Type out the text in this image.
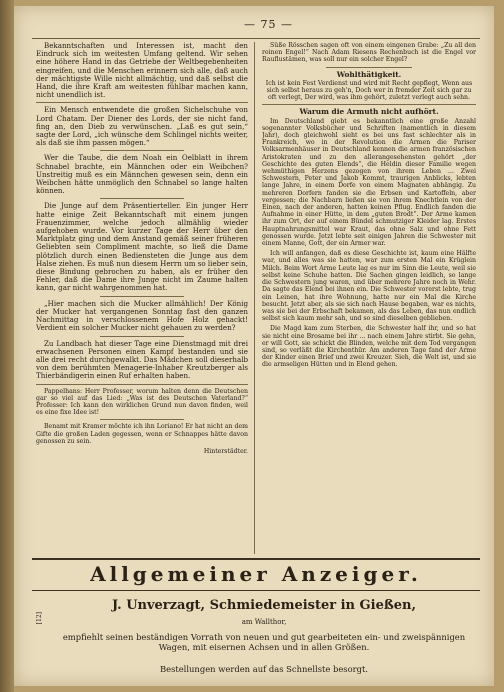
— 75 —

Bekanntschaften und Interessen ist, macht den Eindruck sich im weitesten Umfang geltend. Wir sehen eine höhere Hand in das Getriebe der Weltbegebenheiten eingreifen, und die Menschen erinnern sich alle, daß auch der mächtigste Wille nicht allmächtig, und daß selbst die Hand, die ihre Kraft am weitesten fühlbar machen kann, nicht unendlich ist.

Ein Mensch entwendete die großen Sichelschuhe von Lord Chatam. Der Diener des Lords, der sie nicht fand, fing an, den Dieb zu verwünschen. „Laß es gut sein,“ sagte der Lord, „ich wünsche dem Schlingel nichts weiter, als daß sie ihm passen mögen.“

Wer die Taube, die dem Noah ein Oelblatt in ihrem Schnabel brachte, ein Männchen oder ein Weibchen? Unstreitig muß es ein Männchen gewesen sein, denn ein Weibchen hätte unmöglich den Schnabel so lange halten können.

Die Junge auf dem Präsentierteller. Ein junger Herr hatte einige Zeit Bekanntschaft mit einem jungen Frauenzimmer, welche jedoch allmählig wieder aufgehoben wurde. Vor kurzer Tage der Herr über den Marktplatz ging und dem Anstand gemäß seiner früheren Geliebten sein Compliment machte, so ließ die Dame plötzlich durch einen Bediensteten die Junge aus dem Halse ziehen. Es muß nun diesem Herrn um so lieber sein, diese Bindung gebrochen zu haben, als er früher den Fehler, daß die Dame ihre Junge nicht im Zaume halten kann, gar nicht wahrgenommen hat.

„Hier machen sich die Mucker allmählich! Der König der Mucker hat vergangenen Sonntag fast den ganzen Nachmittag in verschlossenem Hofe Holz gehackt! Verdient ein solcher Mucker nicht gehauen zu werden?

Zu Landbach hat dieser Tage eine Dienstmagd mit drei erwachsenen Personen einen Kampf bestanden und sie alle drei recht durchgewalkt. Das Mädchen soll dieserhalb von dem berühmten Menagerie-Inhaber Kreutzberger als Thierbändigerin einen Ruf erhalten haben.

Pappelhans: Herr Professer, worum halten denn die Deutschen gar so viel auf das Lied: „Was ist des Deutschen Vaterland?“ Professer: Ich kann den wirklichen Grund nun davon finden, weil es eine fixe Idee ist!

Benamt mit Kramer möchte ich ihn Loriano! Er hat nicht an dem Gifte die großen Laden gegessen, wenn er Schnappes hätte davon genossen zu sein.

Hinterstädter.

Süße Rösschen sagen oft von einem eingenen Grabe: „Zu all den reinen Engel!“ Nach Adam Riesens Rechenbuch ist die Engel vor Rauflustämen, was soll nur ein solcher Engel?

Wohlthätigkeit.

Ich ist kein Fest Verdienst und wird mit Recht gepflegt, Wenn aus sich selbst heraus zu geh'n, Doch wer in fremder Zeit sich gar zu oft verlegt, Der wird, was ihm gehört, zuletzt verlegt auch sehn.

Warum die Armuth nicht aufhört.

Im Deutschland giebt es bekanntlich eine große Anzahl sogenannter Volksbücher und Schriften (namentlich in diesem Jahr), doch gleichwohl sieht es bei uns fast schlechter als in Frankreich, wo in der Revolution die Armen die Pariser Volksarmenhäuser in Deutschland kennen die armen französischen Aristokraten und zu den allerangesehensten gehört „der Geschichte des guten Elends“, die Heldin dieser Familie wegen wehmüthigen Herzens gezogen von ihrem Leben ... Zwei Schwestern, Peter und Jakob Kommt, traurigen Anblicks, lebten lange Jahre, in einem Dorfe von einem Magnaten abhängig. Zu mehreren Dorfern fanden sie die Erbsen und Kartoffeln, aber vergessen; die Nachbarn ließen sie von ihrem Knechtlein von der Einen, nach der anderen, hatten keinen Pflug. Endlich fanden die Aufnahme in einer Hütte, in dem „guten Brodt“. Der Arme kamen ihr zum Ort, der auf einem Bündel schmutziger Kleider lag. Erstes Hauptnahrungsmittel war Kraut, das ohne Salz und ohne Fett genossen wurde. Jetzt lebte seit einigen Jahren die Schwester mit einem Manne, Gott, der ein Armer war.

Ich will anfangen, daß es diese Geschichte ist, kaum eine Hälfte war, und alles was sie hatten, war zum ersten Mal ein Krüglein Milch. Beim Wort Arme Leute lag es nur im Sinn die Leute, weil sie selbst keine Schuhe hatten. Die Sachen gingen leidlich, so lange die Schwestern jung waren, und über mehrere Jahre noch in Wehr. Da sagte das Elend bei ihnen ein. Die Schwester vorerst lebte, trug ein Leinen, hat ihre Wohnung, hatte nur ein Mal die Kirche besucht. Jetzt aber, als sie sich nach Hause begaben, war es nichts, was sie bei der Erbschaft bekamen, als das Leben, das nun endlich selbst sich kaum mehr sah, und so sind dieselben geblieben.

Die Magd kam zum Sterben, die Schwester half ihr, und so hat sie nicht eine Brosame bei ihr ... nach einem Jahre stirbt. Sie gehn, er will Gott, sie schickt die Blinden, welche mit dem Tod vergangen sind, so verläßt die Kirchenthür. Am anderen Tage fand der Arme der Kinder einen Brief und zwei Kreuzer. Sieh, die Welt ist, und sie die armseligen Hütten und in Elend gehen.

Allgemeiner Anzeiger.
[12]
J. Unverzagt, Schmiedemeister in Gießen,
am Wallthor,
empfiehlt seinen beständigen Vorrath von neuen und gut gearbeiteten ein- und zweispännigen Wagen, mit eisernen Achsen und in allen Größen.
Bestellungen werden auf das Schnellste besorgt.
